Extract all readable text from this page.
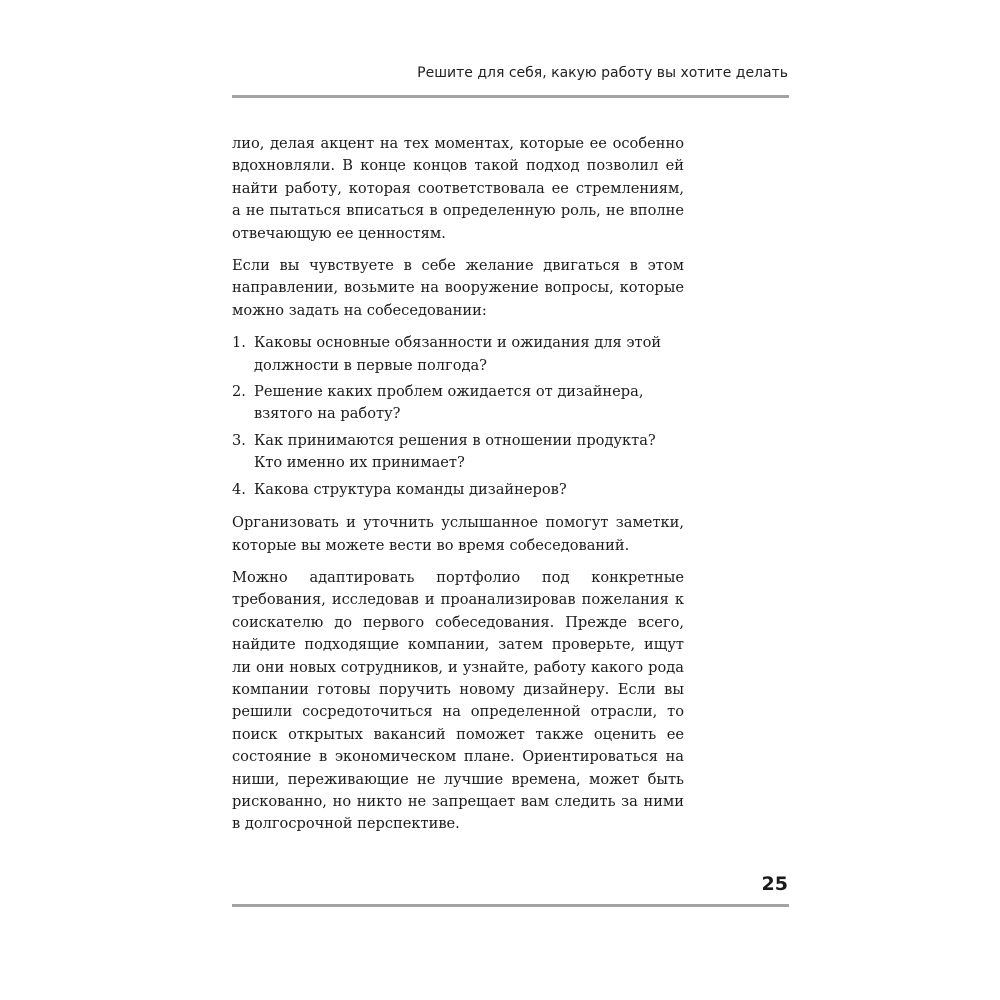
Решите для себя, какую работу вы хотите делать

лио, делая акцент на тех моментах, которые ее особенно вдохновляли. В конце концов такой подход позволил ей найти работу, которая соответствовала ее стремлениям, а не пытаться вписаться в определенную роль, не вполне отвечающую ее ценностям.

Если вы чувствуете в себе желание двигаться в этом направлении, возьмите на вооружение вопросы, которые можно задать на собеседовании:

1. Каковы основные обязанности и ожидания для этой должности в первые полгода?
2. Решение каких проблем ожидается от дизайнера, взятого на работу?
3. Как принимаются решения в отношении продукта? Кто именно их принимает?
4. Какова структура команды дизайнеров?

Организовать и уточнить услышанное помогут заметки, которые вы можете вести во время собеседований.

Можно адаптировать портфолио под конкретные требования, исследовав и проанализировав пожелания к соискателю до первого собеседования. Прежде всего, найдите подходящие компании, затем проверьте, ищут ли они новых сотрудников, и узнайте, работу какого рода компании готовы поручить новому дизайнеру. Если вы решили сосредоточиться на определенной отрасли, то поиск открытых вакансий поможет также оценить ее состояние в экономическом плане. Ориентироваться на ниши, переживающие не лучшие времена, может быть рискованно, но никто не запрещает вам следить за ними в долгосрочной перспективе.

25
